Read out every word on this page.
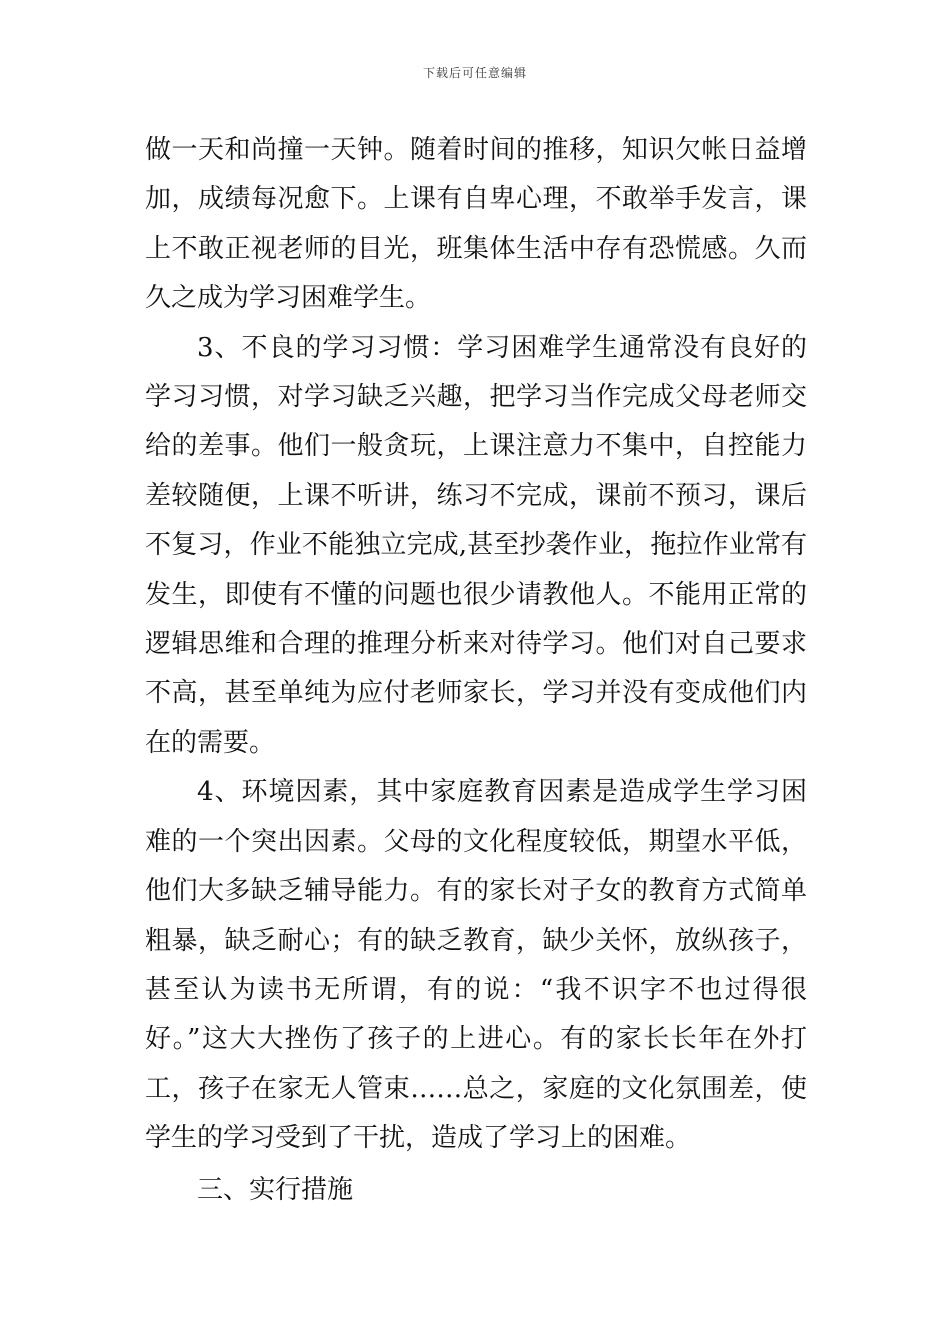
下载后可任意编辑

做一天和尚撞一天钟。随着时间的推移，知识欠帐日益增加，成绩每况愈下。上课有自卑心理，不敢举手发言，课上不敢正视老师的目光，班集体生活中存有恐慌感。久而久之成为学习困难学生。

3、不良的学习习惯：学习困难学生通常没有良好的学习习惯，对学习缺乏兴趣，把学习当作完成父母老师交给的差事。他们一般贪玩，上课注意力不集中，自控能力差较随便，上课不听讲，练习不完成，课前不预习，课后不复习，作业不能独立完成,甚至抄袭作业，拖拉作业常有发生，即使有不懂的问题也很少请教他人。不能用正常的逻辑思维和合理的推理分析来对待学习。他们对自己要求不高，甚至单纯为应付老师家长，学习并没有变成他们内在的需要。

4、环境因素，其中家庭教育因素是造成学生学习困难的一个突出因素。父母的文化程度较低，期望水平低，他们大多缺乏辅导能力。有的家长对子女的教育方式简单粗暴，缺乏耐心；有的缺乏教育，缺少关怀，放纵孩子，甚至认为读书无所谓，有的说：“我不识字不也过得很好。”这大大挫伤了孩子的上进心。有的家长长年在外打工，孩子在家无人管束……总之，家庭的文化氛围差，使学生的学习受到了干扰，造成了学习上的困难。

三、实行措施
